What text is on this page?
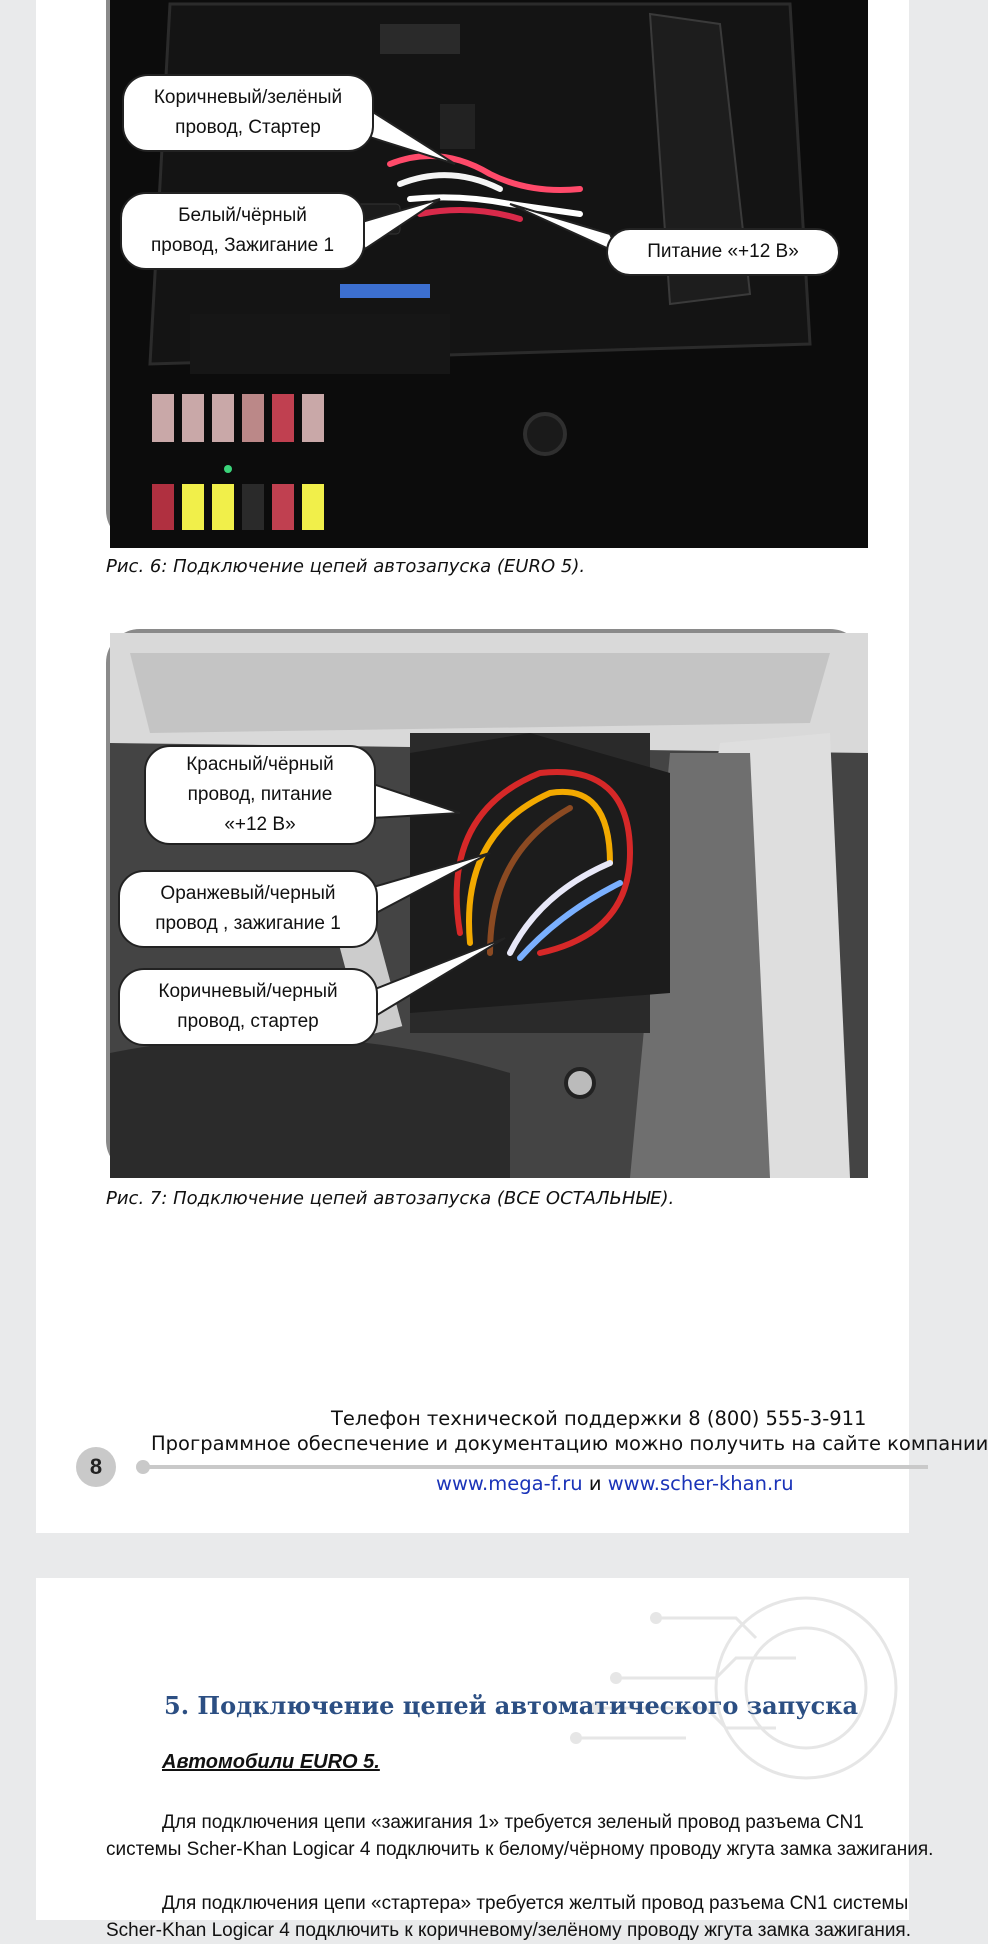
Коричневый/зелёный
провод, Стартер
Белый/чёрный
провод, Зажигание 1	Питание «+12 В»
Рис. 6: Подключение цепей автозапуска (EURO 5).
Красный/чёрный
провод, питание
«+12 В»
Оранжевый/черный
провод , зажигание 1
Коричневый/черный
провод, стартер
Рис. 7: Подключение цепей автозапуска (ВСЕ ОСТАЛЬНЫЕ).
Телефон технической поддержки 8 (800) 555-3-911
Программное обеспечение и документацию можно получить на сайте компании
8
www.mega-f.ru и www.scher-khan.ru
5. Подключение цепей автоматического запуска
Автомобили EURO 5.
Для подключения цепи «зажигания 1» требуется зеленый провод разъема CN1
системы Scher-Khan Logicar 4 подключить к белому/чёрному проводу жгута замка зажигания.
Для подключения цепи «стартера» требуется желтый провод разъема CN1 системы
Scher-Khan Logicar 4 подключить к коричневому/зелёному проводу жгута замка зажигания.
